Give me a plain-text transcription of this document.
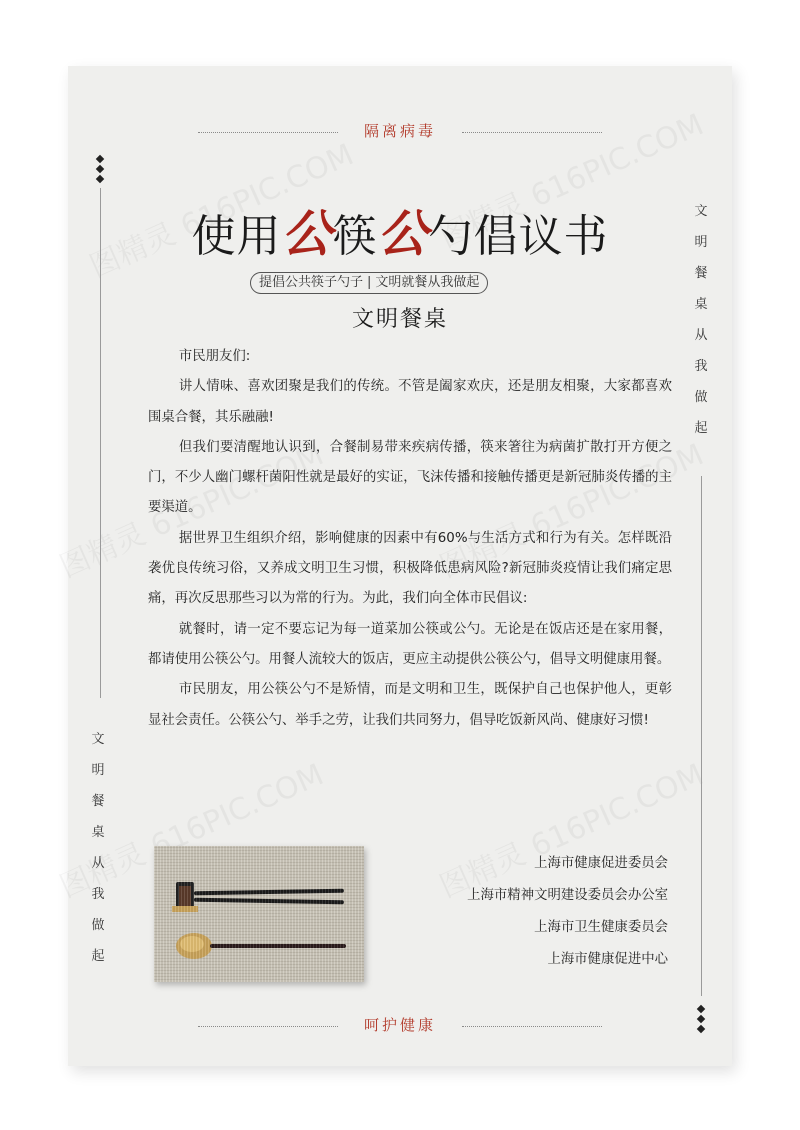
隔离病毒
呵护健康
文
明
餐
桌
从
我
做
起
文
明
餐
桌
从
我
做
起
使用公筷公勺倡议书
提倡公共筷子勺子 | 文明就餐从我做起
文明餐桌

市民朋友们:

讲人情味、喜欢团聚是我们的传统。不管是阖家欢庆，还是朋友相聚，大家都喜欢围桌合餐，其乐融融!

但我们要清醒地认识到，合餐制易带来疾病传播，筷来箸往为病菌扩散打开方便之门，不少人幽门螺杆菌阳性就是最好的实证，飞沫传播和接触传播更是新冠肺炎传播的主要渠道。

据世界卫生组织介绍，影响健康的因素中有60%与生活方式和行为有关。怎样既沿袭优良传统习俗，又养成文明卫生习惯，积极降低患病风险?新冠肺炎疫情让我们痛定思痛，再次反思那些习以为常的行为。为此，我们向全体市民倡议:

就餐时，请一定不要忘记为每一道菜加公筷或公勺。无论是在饭店还是在家用餐，都请使用公筷公勺。用餐人流较大的饭店，更应主动提供公筷公勺，倡导文明健康用餐。

市民朋友，用公筷公勺不是矫情，而是文明和卫生，既保护自己也保护他人，更彰显社会责任。公筷公勺、举手之劳，让我们共同努力，倡导吃饭新风尚、健康好习惯!

上海市健康促进委员会
上海市精神文明建设委员会办公室
上海市卫生健康委员会
上海市健康促进中心
